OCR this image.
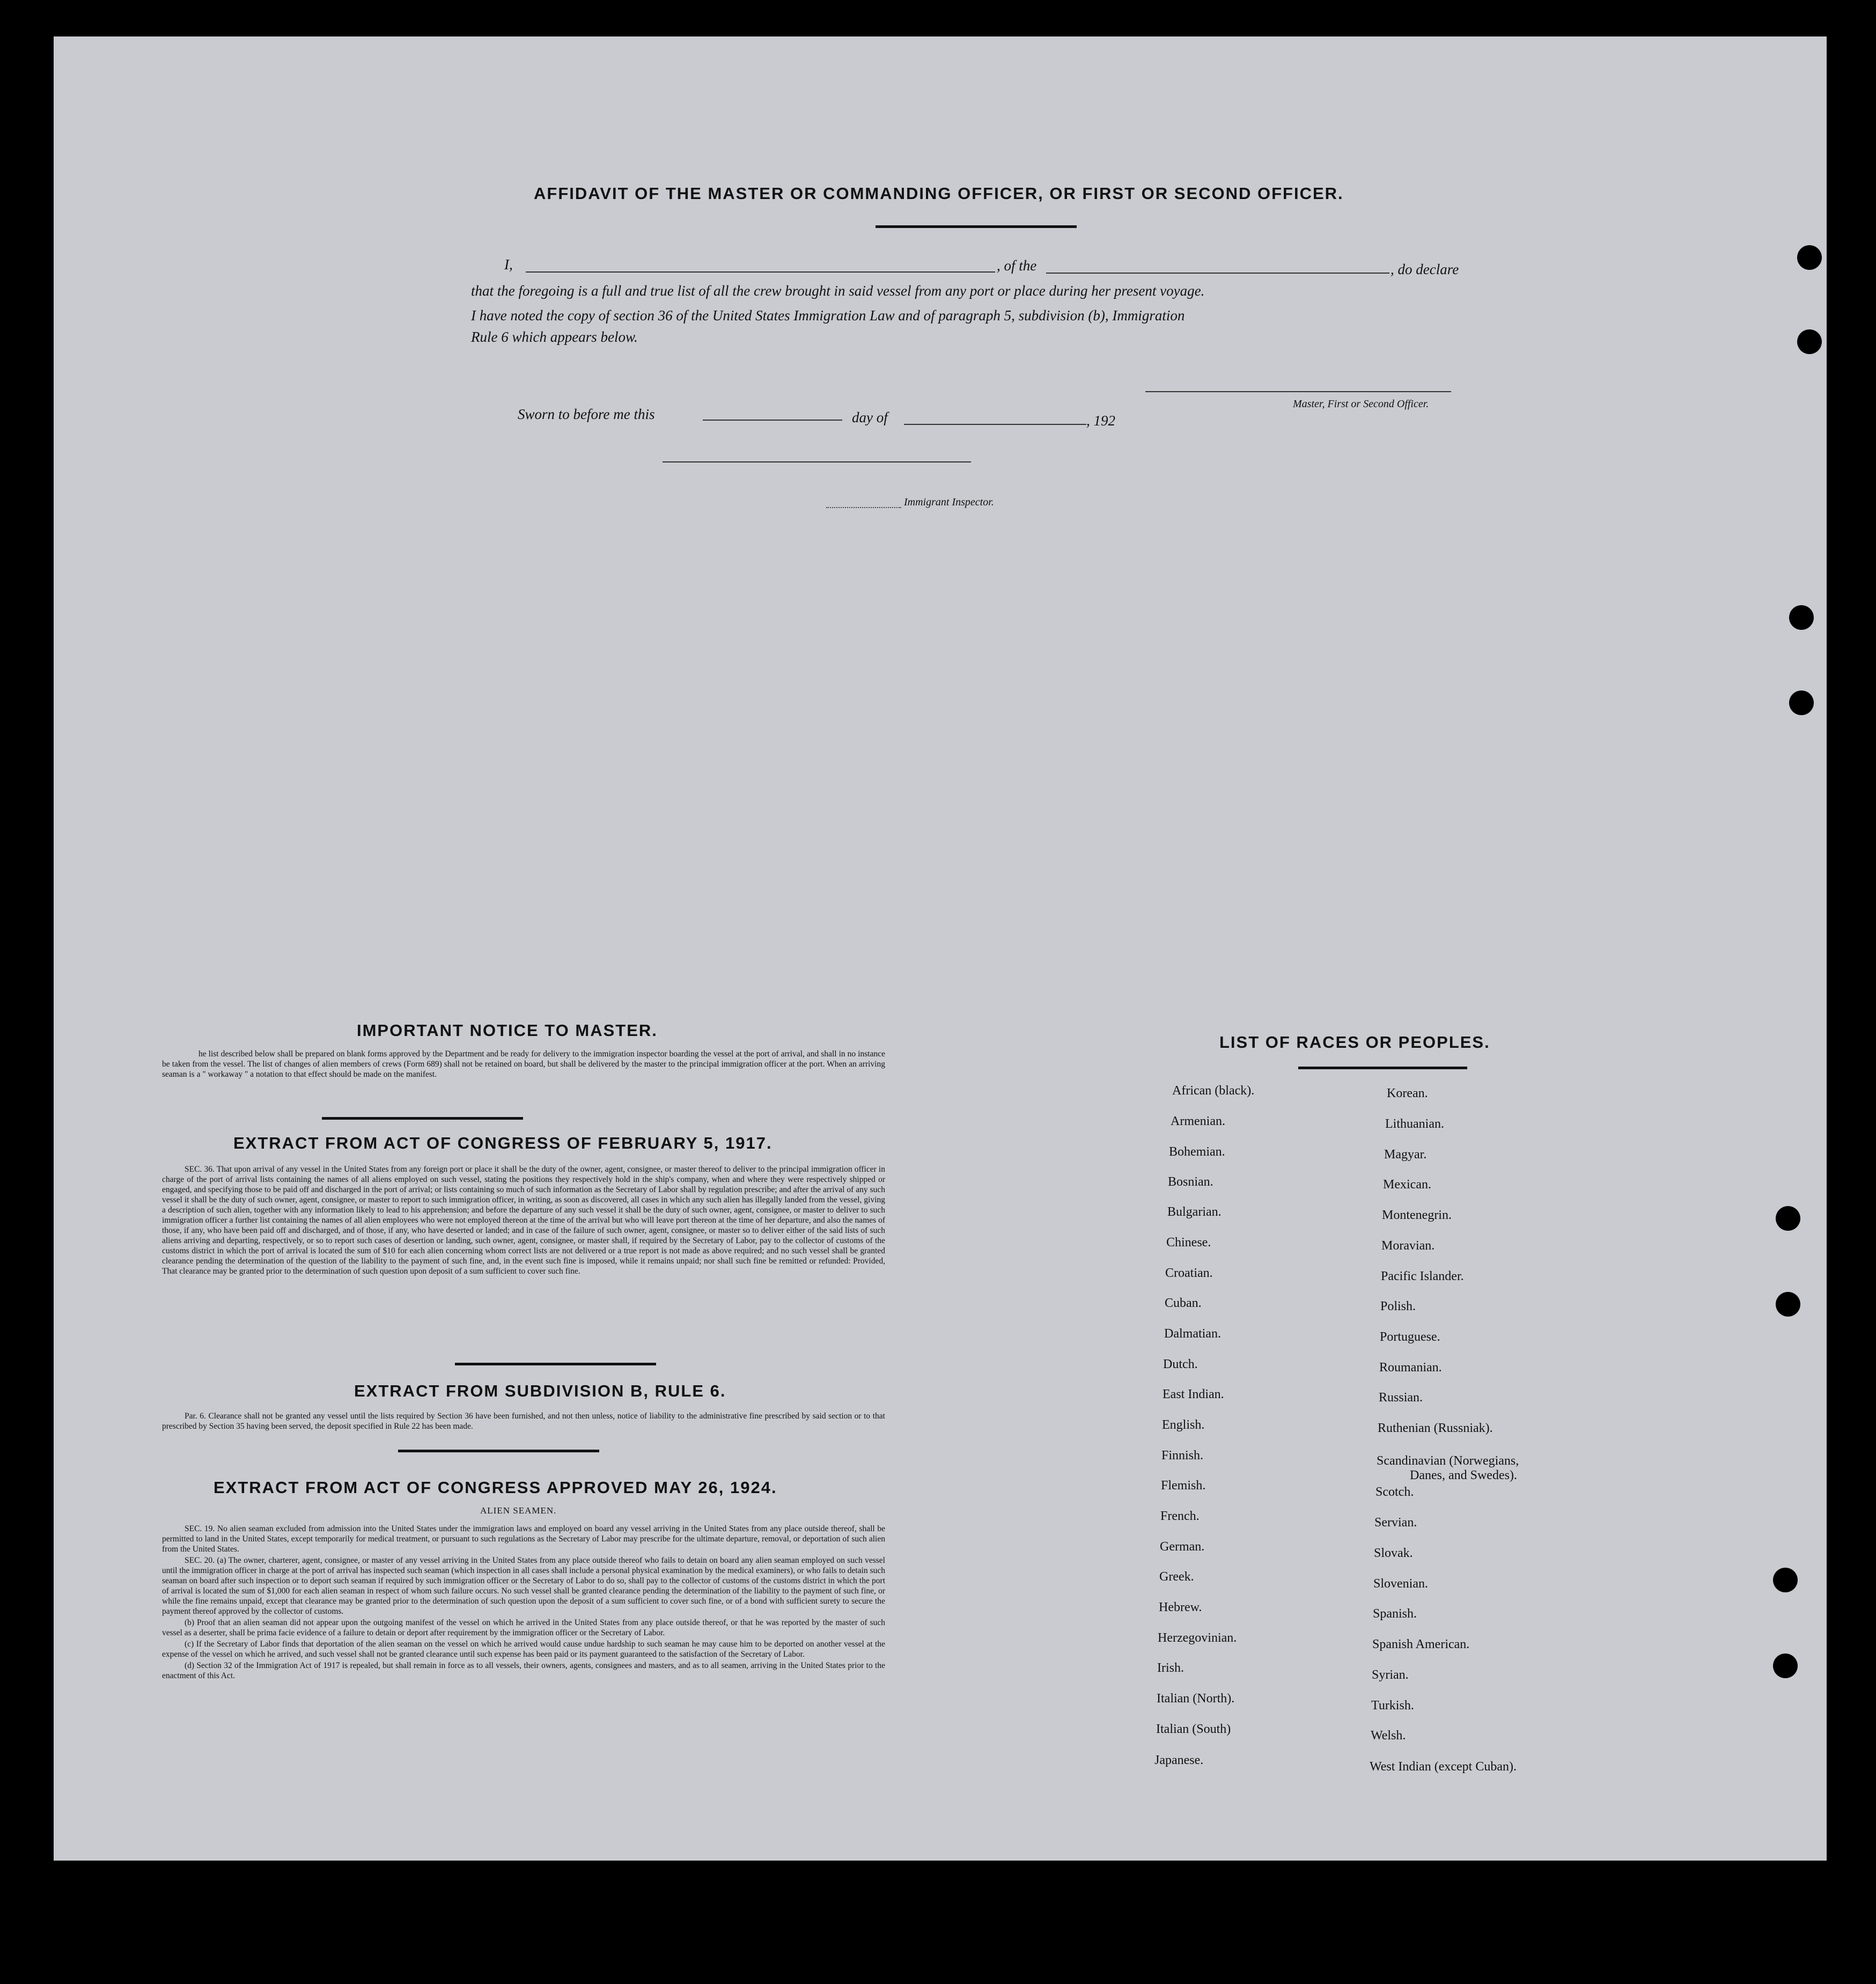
AFFIDAVIT OF THE MASTER OR COMMANDING OFFICER, OR FIRST OR SECOND OFFICER.
I,	, of the	, do declare
that the foregoing is a full and true list of all the crew brought in said vessel from any port or place during her present voyage.
I have noted the copy of section 36 of the United States Immigration Law and of paragraph 5, subdivision (b), Immigration
Rule 6 which appears below.
Master, First or Second Officer.
Sworn to before me this	day of	, 192
Immigrant Inspector.
IMPORTANT NOTICE TO MASTER.

he list described below shall be prepared on blank forms approved by the Department and be ready for delivery to the immigration inspector boarding the vessel at the port of arrival, and shall in no instance be taken from the vessel. The list of changes of alien members of crews (Form 689) shall not be retained on board, but shall be delivered by the master to the principal immigration officer at the port. When an arriving seaman is a " workaway " a notation to that effect should be made on the manifest.

EXTRACT FROM ACT OF CONGRESS OF FEBRUARY 5, 1917.

SEC. 36. That upon arrival of any vessel in the United States from any foreign port or place it shall be the duty of the owner, agent, consignee, or master thereof to deliver to the principal immigration officer in charge of the port of arrival lists containing the names of all aliens employed on such vessel, stating the positions they respectively hold in the ship's company, when and where they were respectively shipped or engaged, and specifying those to be paid off and discharged in the port of arrival; or lists containing so much of such information as the Secretary of Labor shall by regulation prescribe; and after the arrival of any such vessel it shall be the duty of such owner, agent, consignee, or master to report to such immigration officer, in writing, as soon as discovered, all cases in which any such alien has illegally landed from the vessel, giving a description of such alien, together with any information likely to lead to his apprehension; and before the departure of any such vessel it shall be the duty of such owner, agent, consignee, or master to deliver to such immigration officer a further list containing the names of all alien employees who were not employed thereon at the time of the arrival but who will leave port thereon at the time of her departure, and also the names of those, if any, who have been paid off and discharged, and of those, if any, who have deserted or landed; and in case of the failure of such owner, agent, consignee, or master so to deliver either of the said lists of such aliens arriving and departing, respectively, or so to report such cases of desertion or landing, such owner, agent, consignee, or master shall, if required by the Secretary of Labor, pay to the collector of customs of the customs district in which the port of arrival is located the sum of $10 for each alien concerning whom correct lists are not delivered or a true report is not made as above required; and no such vessel shall be granted clearance pending the determination of the question of the liability to the payment of such fine, and, in the event such fine is imposed, while it remains unpaid; nor shall such fine be remitted or refunded: Provided, That clearance may be granted prior to the determination of such question upon deposit of a sum sufficient to cover such fine.

EXTRACT FROM SUBDIVISION B, RULE 6.

Par. 6. Clearance shall not be granted any vessel until the lists required by Section 36 have been furnished, and not then unless, notice of liability to the administrative fine prescribed by said section or to that prescribed by Section 35 having been served, the deposit specified in Rule 22 has been made.

EXTRACT FROM ACT OF CONGRESS APPROVED MAY 26, 1924.
ALIEN SEAMEN.

SEC. 19. No alien seaman excluded from admission into the United States under the immigration laws and employed on board any vessel arriving in the United States from any place outside thereof, shall be permitted to land in the United States, except temporarily for medical treatment, or pursuant to such regulations as the Secretary of Labor may prescribe for the ultimate departure, removal, or deportation of such alien from the United States.

SEC. 20. (a) The owner, charterer, agent, consignee, or master of any vessel arriving in the United States from any place outside thereof who fails to detain on board any alien seaman employed on such vessel until the immigration officer in charge at the port of arrival has inspected such seaman (which inspection in all cases shall include a personal physical examination by the medical examiners), or who fails to detain such seaman on board after such inspection or to deport such seaman if required by such immigration officer or the Secretary of Labor to do so, shall pay to the collector of customs of the customs district in which the port of arrival is located the sum of $1,000 for each alien seaman in respect of whom such failure occurs. No such vessel shall be granted clearance pending the determination of the liability to the payment of such fine, or while the fine remains unpaid, except that clearance may be granted prior to the determination of such question upon the deposit of a sum sufficient to cover such fine, or of a bond with sufficient surety to secure the payment thereof approved by the collector of customs.

(b) Proof that an alien seaman did not appear upon the outgoing manifest of the vessel on which he arrived in the United States from any place outside thereof, or that he was reported by the master of such vessel as a deserter, shall be prima facie evidence of a failure to detain or deport after requirement by the immigration officer or the Secretary of Labor.

(c) If the Secretary of Labor finds that deportation of the alien seaman on the vessel on which he arrived would cause undue hardship to such seaman he may cause him to be deported on another vessel at the expense of the vessel on which he arrived, and such vessel shall not be granted clearance until such expense has been paid or its payment guaranteed to the satisfaction of the Secretary of Labor.

(d) Section 32 of the Immigration Act of 1917 is repealed, but shall remain in force as to all vessels, their owners, agents, consignees and masters, and as to all seamen, arriving in the United States prior to the enactment of this Act.

LIST OF RACES OR PEOPLES.
African (black).
Armenian.
Bohemian.
Bosnian.
Bulgarian.
Chinese.
Croatian.
Cuban.
Dalmatian.
Dutch.
East Indian.
English.
Finnish.
Flemish.
French.
German.
Greek.
Hebrew.
Herzegovinian.
Irish.
Italian (North).
Italian (South)
Japanese.
Korean.
Lithuanian.
Magyar.
Mexican.
Montenegrin.
Moravian.
Pacific Islander.
Polish.
Portuguese.
Roumanian.
Russian.
Ruthenian (Russniak).
Scandinavian (Norwegians,
Danes, and Swedes).
Scotch.
Servian.
Slovak.
Slovenian.
Spanish.
Spanish American.
Syrian.
Turkish.
Welsh.
West Indian (except Cuban).
